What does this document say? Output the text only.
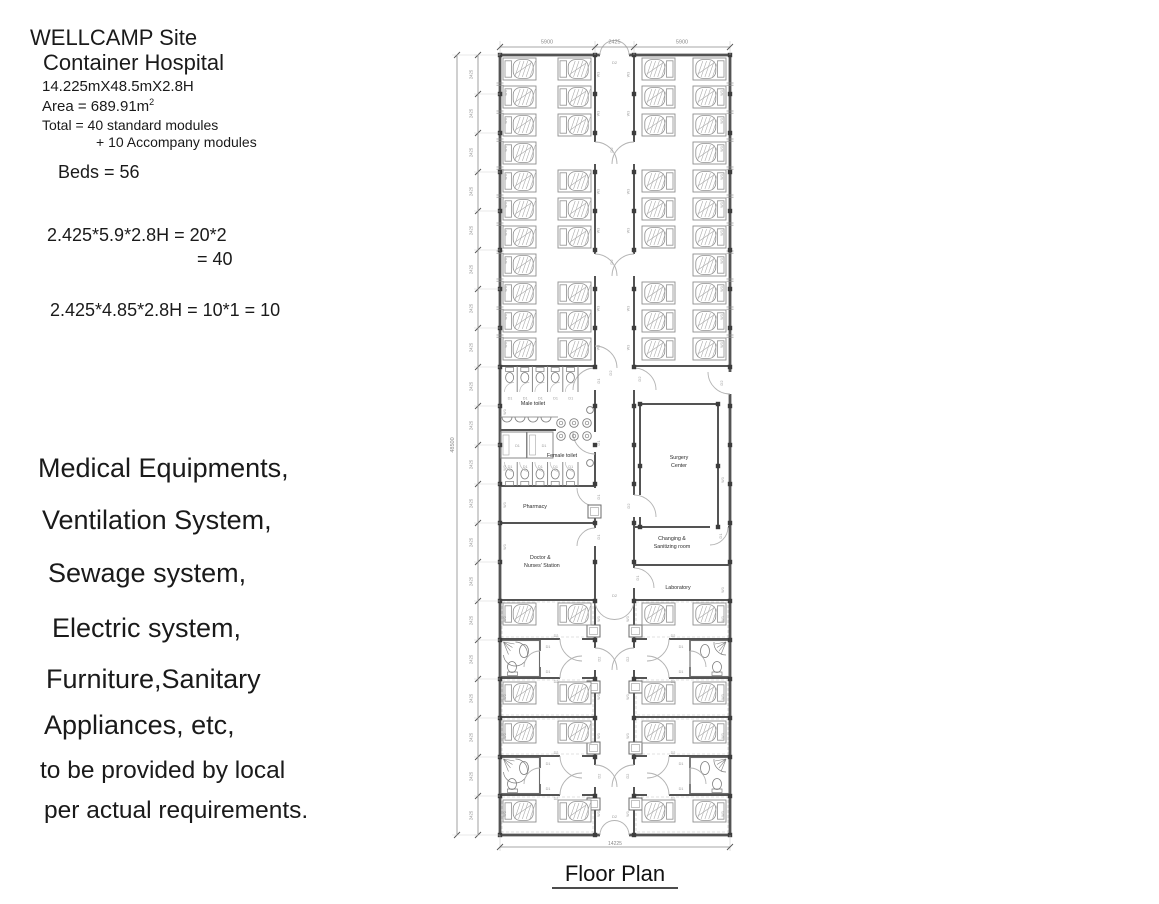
WELLCAMP Site
Container Hospital
14.225mX48.5mX2.8H
Area = $689.91m^2$
Total = 40 standard modules
+ 10 Accompany modules
Beds = 56
2.425*5.9*2.8H = 20*2
= 40
2.425*4.85*2.8H = 10*1 = 10
Medical Equipments,
Ventilation System,
Sewage system,
Electric system,
Furniture,Sanitary
Appliances, etc,
to be provided by local
per actual requirements.
W3	W3
W3	W3
W3	W3
W3	W3
W3	W3
W3	W3
W3	W3
W3	W3
W3	W3
W3	W3
W3	W3
W3	W3
W3	W3
W3	W3
W3	W3
W3	W3
W3	W3
W3	W3
W3	W3
W3	W3
W3	W3
W3	W3
W3	W3
W3	W3
W3
W3
W3
W3
W3
W3
2425
2425
2425
2425
2425
2425
2425
2425
2425
2425
2425
2425
2425
2425
2425
2425
2425
2425
2425
2425
D1	D1	D1	D1	D1
D1	D1
D1	D1	D1	D1	D1
D2
D2
D2
D2
D1
D1
D1
D1
D2	D2
D2
D2
D2
D2
D1
D1
D1
D1
D2	D2
D2
D2
D2
D2
D2
D1	D2
D1
D1
D1
D2
D1
D1
D2
D2
5900	2425	5900
14225
48500
Male toilet
Female toilet
Pharmacy
Doctor &
Nurses' Station
Surgery
Center
Changing &
Sanitizing room
Laboratory
Floor Plan
